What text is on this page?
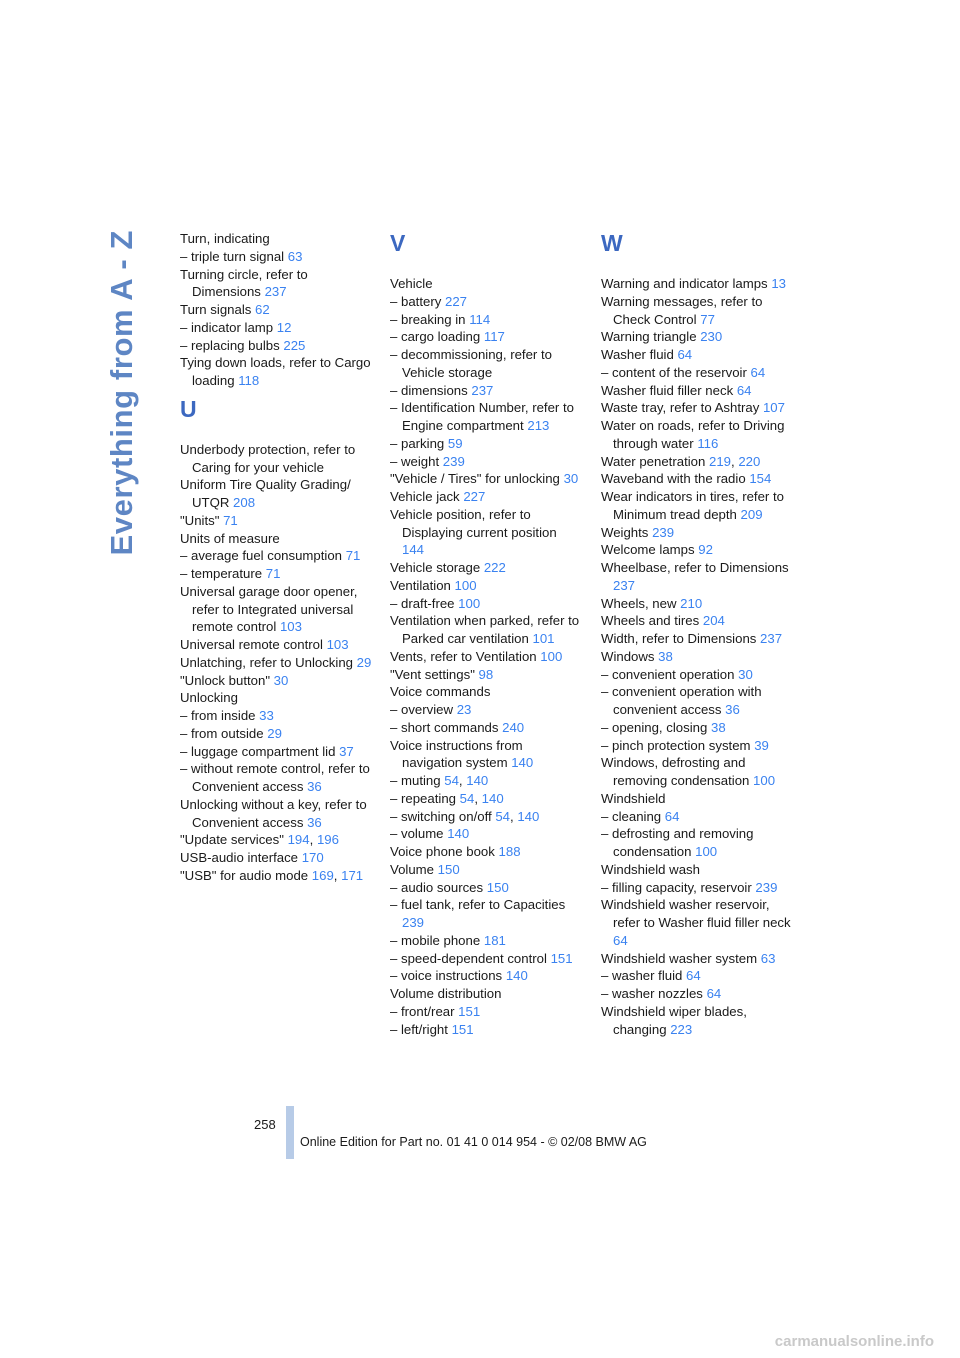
Everything from A - Z	Turn, indicating
– triple turn signal 63
Turning circle, refer to Dimensions 237
Turn signals 62
– indicator lamp 12
– replacing bulbs 225
Tying down loads, refer to Cargo loading 118
U
Underbody protection, refer to Caring for your vehicle
Uniform Tire Quality Grading/ UTQR 208
"Units" 71
Units of measure
– average fuel consumption 71
– temperature 71
Universal garage door opener, refer to Integrated universal remote control 103
Universal remote control 103
Unlatching, refer to Unlocking 29
"Unlock button" 30
Unlocking
– from inside 33
– from outside 29
– luggage compartment lid 37
– without remote control, refer to Convenient access 36
Unlocking without a key, refer to Convenient access 36
"Update services" 194, 196
USB-audio interface 170
"USB" for audio mode 169, 171
V
Vehicle
– battery 227
– breaking in 114
– cargo loading 117
– decommissioning, refer to Vehicle storage
– dimensions 237
– Identification Number, refer to Engine compartment 213
– parking 59
– weight 239
"Vehicle / Tires" for unlocking 30
Vehicle jack 227
Vehicle position, refer to Displaying current position 144
Vehicle storage 222
Ventilation 100
– draft-free 100
Ventilation when parked, refer to Parked car ventilation 101
Vents, refer to Ventilation 100
"Vent settings" 98
Voice commands
– overview 23
– short commands 240
Voice instructions from navigation system 140
– muting 54, 140
– repeating 54, 140
– switching on/off 54, 140
– volume 140
Voice phone book 188
Volume 150
– audio sources 150
– fuel tank, refer to Capacities 239
– mobile phone 181
– speed-dependent control 151
– voice instructions 140
Volume distribution
– front/rear 151
– left/right 151
W
Warning and indicator lamps 13
Warning messages, refer to Check Control 77
Warning triangle 230
Washer fluid 64
– content of the reservoir 64
Washer fluid filler neck 64
Waste tray, refer to Ashtray 107
Water on roads, refer to Driving through water 116
Water penetration 219, 220
Waveband with the radio 154
Wear indicators in tires, refer to Minimum tread depth 209
Weights 239
Welcome lamps 92
Wheelbase, refer to Dimensions 237
Wheels, new 210
Wheels and tires 204
Width, refer to Dimensions 237
Windows 38
– convenient operation 30
– convenient operation with convenient access 36
– opening, closing 38
– pinch protection system 39
Windows, defrosting and removing condensation 100
Windshield
– cleaning 64
– defrosting and removing condensation 100
Windshield wash
– filling capacity, reservoir 239
Windshield washer reservoir, refer to Washer fluid filler neck 64
Windshield washer system 63
– washer fluid 64
– washer nozzles 64
Windshield wiper blades, changing 223
258
Online Edition for Part no. 01 41 0 014 954 - © 02/08 BMW AG
carmanualsonline.info
